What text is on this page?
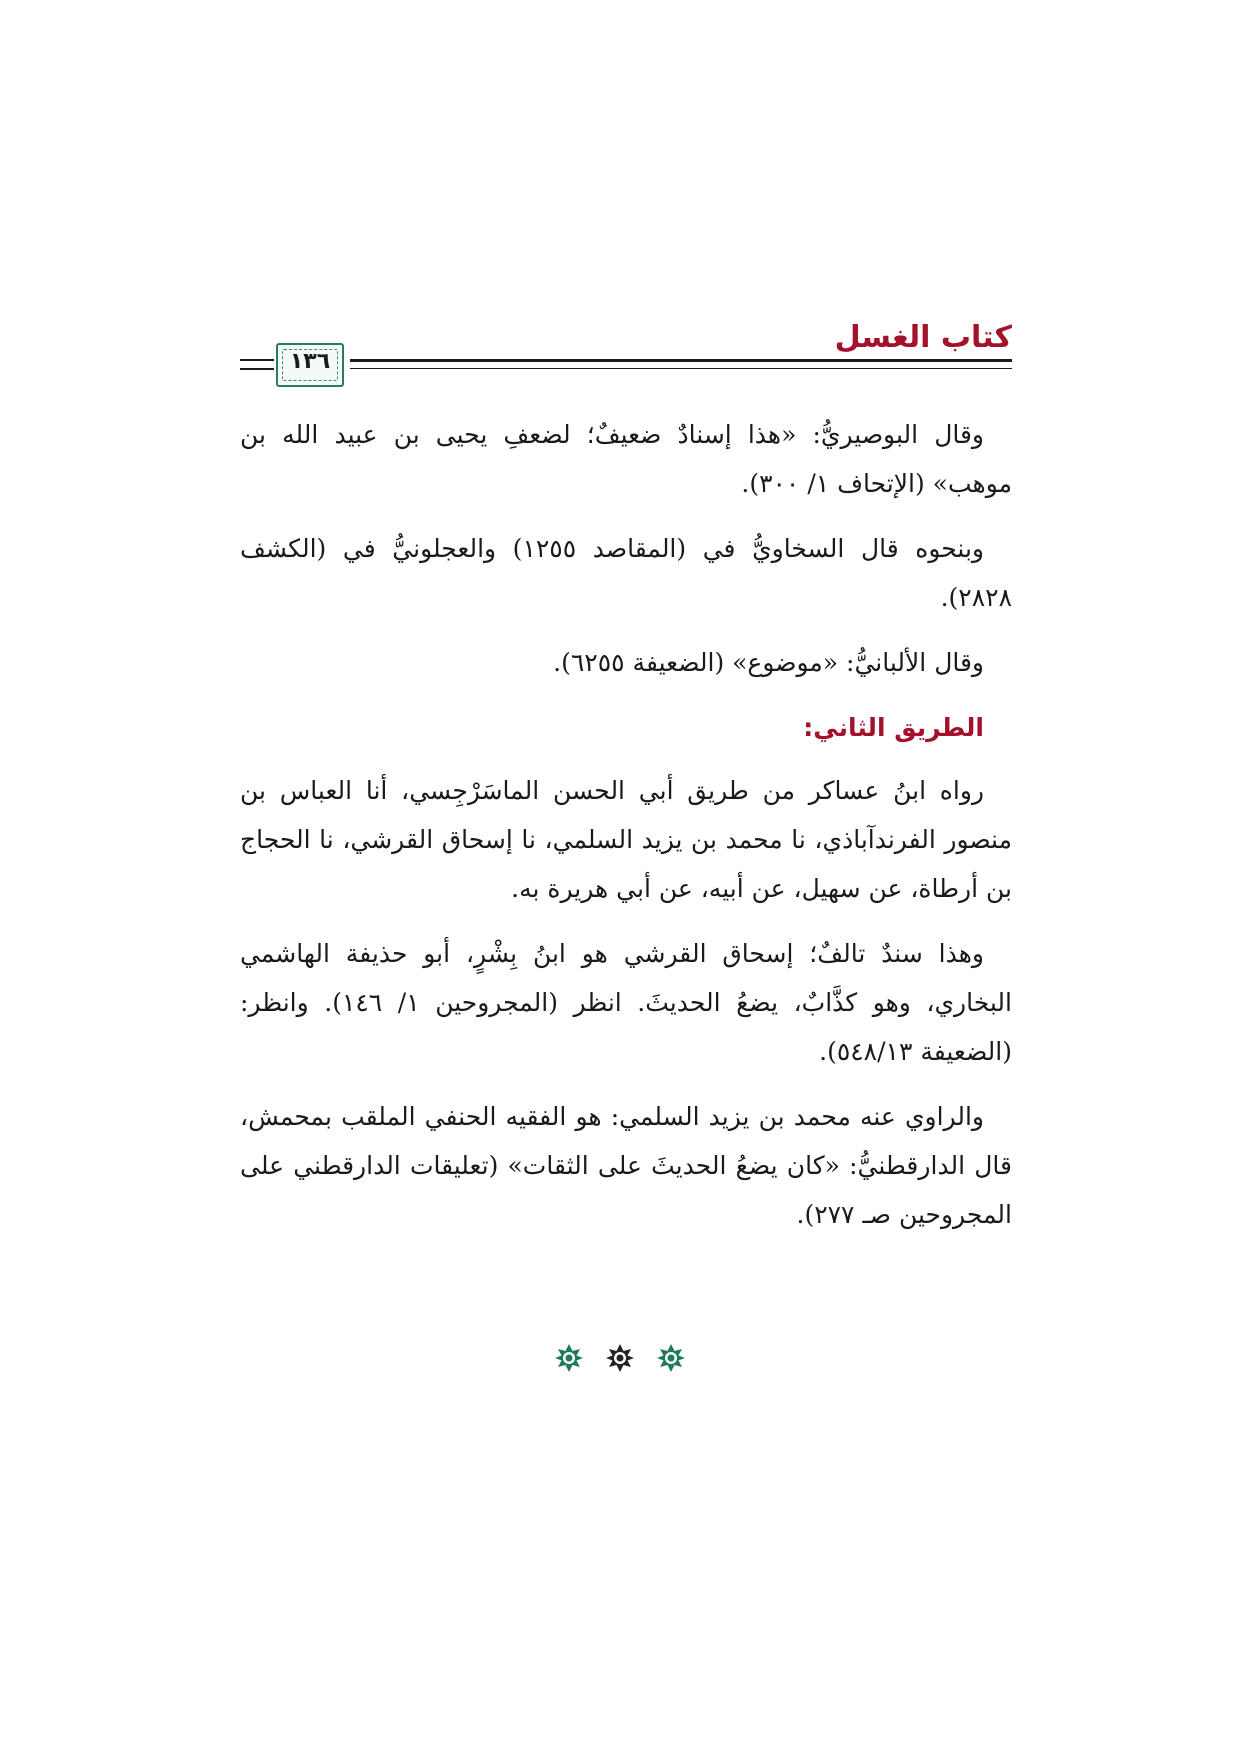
كتاب الغسل
١٣٦

وقال البوصيريُّ: «هذا إسنادٌ ضعيفٌ؛ لضعفِ يحيى بن عبيد الله بن موهب» (الإتحاف ١/ ٣٠٠).

وبنحوه قال السخاويُّ في (المقاصد ١٢٥٥) والعجلونيُّ في (الكشف ٢٨٢٨).

وقال الألبانيُّ: «موضوع» (الضعيفة ٦٢٥٥).

الطريق الثاني:

رواه ابنُ عساكر من طريق أبي الحسن الماسَرْجِسي، أنا العباس بن منصور الفرندآباذي، نا محمد بن يزيد السلمي، نا إسحاق القرشي، نا الحجاج بن أرطاة، عن سهيل، عن أبيه، عن أبي هريرة به.

وهذا سندٌ تالفٌ؛ إسحاق القرشي هو ابنُ بِشْرٍ، أبو حذيفة الهاشمي البخاري، وهو كذَّابٌ، يضعُ الحديثَ. انظر (المجروحين ١/ ١٤٦). وانظر: (الضعيفة ٥٤٨/١٣).

والراوي عنه محمد بن يزيد السلمي: هو الفقيه الحنفي الملقب بمحمش، قال الدارقطنيُّ: «كان يضعُ الحديثَ على الثقات» (تعليقات الدارقطني على المجروحين صـ ٢٧٧).
